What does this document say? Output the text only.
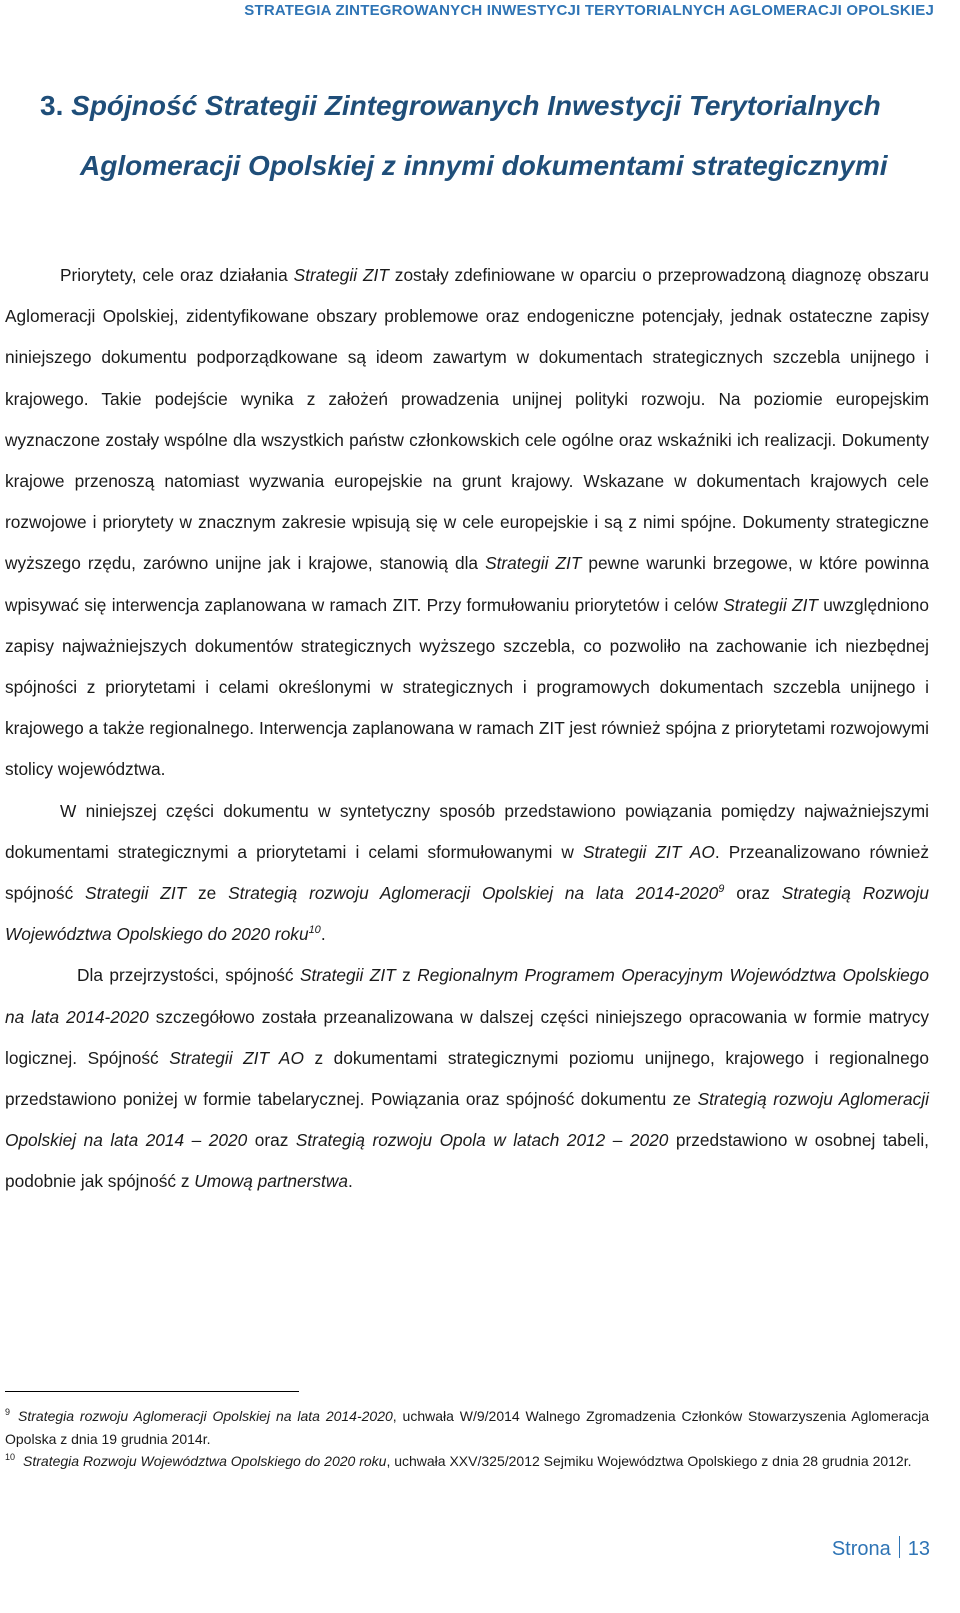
STRATEGIA ZINTEGROWANYCH INWESTYCJI TERYTORIALNYCH AGLOMERACJI OPOLSKIEJ
3. Spójność Strategii Zintegrowanych Inwestycji Terytorialnych
Aglomeracji Opolskiej z innymi dokumentami strategicznymi

Priorytety, cele oraz działania Strategii ZIT zostały zdefiniowane w oparciu o przeprowadzoną diagnozę obszaru Aglomeracji Opolskiej, zidentyfikowane obszary problemowe oraz endogeniczne potencjały, jednak ostateczne zapisy niniejszego dokumentu podporządkowane są ideom zawartym w dokumentach strategicznych szczebla unijnego i krajowego. Takie podejście wynika z założeń prowadzenia unijnej polityki rozwoju. Na poziomie europejskim wyznaczone zostały wspólne dla wszystkich państw członkowskich cele ogólne oraz wskaźniki ich realizacji. Dokumenty krajowe przenoszą natomiast wyzwania europejskie na grunt krajowy. Wskazane w dokumentach krajowych cele rozwojowe i priorytety w znacznym zakresie wpisują się w cele europejskie i są z nimi spójne. Dokumenty strategiczne wyższego rzędu, zarówno unijne jak i krajowe, stanowią dla Strategii ZIT pewne warunki brzegowe, w które powinna wpisywać się interwencja zaplanowana w ramach ZIT. Przy formułowaniu priorytetów i celów Strategii ZIT uwzględniono zapisy najważniejszych dokumentów strategicznych wyższego szczebla, co pozwoliło na zachowanie ich niezbędnej spójności z priorytetami i celami określonymi w strategicznych i programowych dokumentach szczebla unijnego i krajowego a także regionalnego. Interwencja zaplanowana w ramach ZIT jest również spójna z priorytetami rozwojowymi stolicy województwa.

W niniejszej części dokumentu w syntetyczny sposób przedstawiono powiązania pomiędzy najważniejszymi dokumentami strategicznymi a priorytetami i celami sformułowanymi w Strategii ZIT AO. Przeanalizowano również spójność Strategii ZIT ze Strategią rozwoju Aglomeracji Opolskiej na lata 2014-2020$^9$ oraz Strategią Rozwoju Województwa Opolskiego do 2020 roku$^{10}$.

Dla przejrzystości, spójność Strategii ZIT z Regionalnym Programem Operacyjnym Województwa Opolskiego na lata 2014-2020 szczegółowo została przeanalizowana w dalszej części niniejszego opracowania w formie matrycy logicznej. Spójność Strategii ZIT AO z dokumentami strategicznymi poziomu unijnego, krajowego i regionalnego przedstawiono poniżej w formie tabelarycznej. Powiązania oraz spójność dokumentu ze Strategią rozwoju Aglomeracji Opolskiej na lata 2014 – 2020 oraz Strategią rozwoju Opola w latach 2012 – 2020 przedstawiono w osobnej tabeli, podobnie jak spójność z Umową partnerstwa.

$^9$ Strategia rozwoju Aglomeracji Opolskiej na lata 2014-2020, uchwała W/9/2014 Walnego Zgromadzenia Członków Stowarzyszenia Aglomeracja Opolska z dnia 19 grudnia 2014r.

$^{10}$ Strategia Rozwoju Województwa Opolskiego do 2020 roku, uchwała XXV/325/2012 Sejmiku Województwa Opolskiego z dnia 28 grudnia 2012r.

Strona 13
